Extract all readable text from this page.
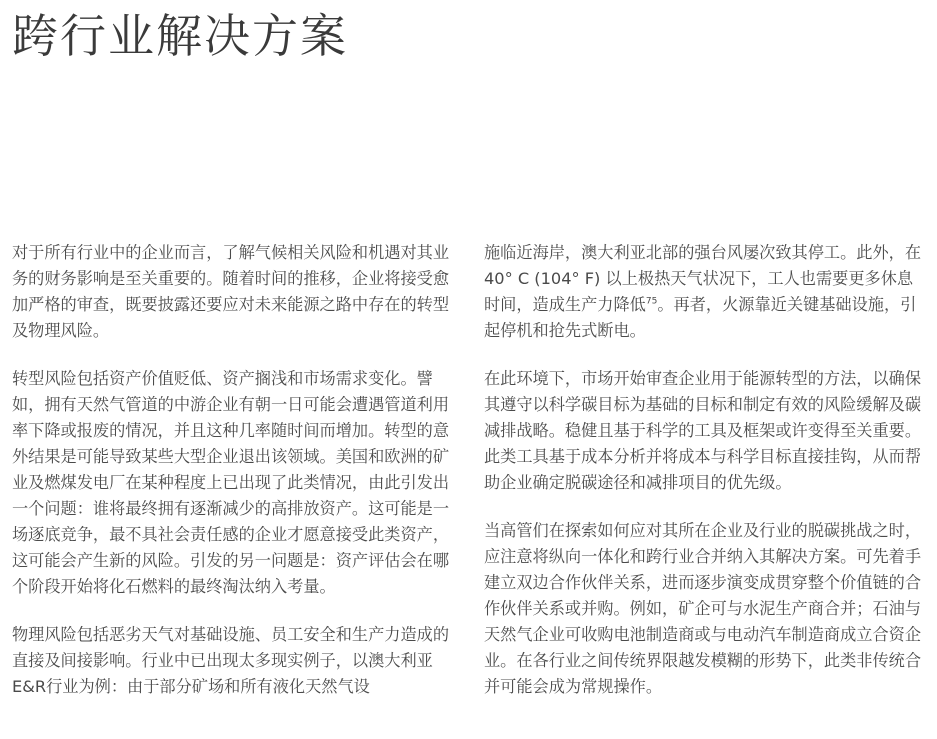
跨行业解决方案

对于所有行业中的企业而言，了解气候相关风险和机遇对其业务的财务影响是至关重要的。随着时间的推移，企业将接受愈加严格的审查，既要披露还要应对未来能源之路中存在的转型及物理风险。

转型风险包括资产价值贬低、资产搁浅和市场需求变化。譬如，拥有天然气管道的中游企业有朝一日可能会遭遇管道利用率下降或报废的情况，并且这种几率随时间而增加。转型的意外结果是可能导致某些大型企业退出该领域。美国和欧洲的矿业及燃煤发电厂在某种程度上已出现了此类情况，由此引发出一个问题：谁将最终拥有逐渐减少的高排放资产。这可能是一场逐底竞争，最不具社会责任感的企业才愿意接受此类资产，这可能会产生新的风险。引发的另一问题是：资产评估会在哪个阶段开始将化石燃料的最终淘汰纳入考量。

物理风险包括恶劣天气对基础设施、员工安全和生产力造成的直接及间接影响。行业中已出现太多现实例子，以澳大利亚E&R行业为例：由于部分矿场和所有液化天然气设

施临近海岸，澳大利亚北部的强台风屡次致其停工。此外，在40° C (104° F) 以上极热天气状况下，工人也需要更多休息时间，造成生产力降低$^{75}$。再者，火源靠近关键基础设施，引起停机和抢先式断电。

在此环境下，市场开始审查企业用于能源转型的方法，以确保其遵守以科学碳目标为基础的目标和制定有效的风险缓解及碳减排战略。稳健且基于科学的工具及框架或许变得至关重要。此类工具基于成本分析并将成本与科学目标直接挂钩，从而帮助企业确定脱碳途径和减排项目的优先级。

当高管们在探索如何应对其所在企业及行业的脱碳挑战之时，应注意将纵向一体化和跨行业合并纳入其解决方案。可先着手建立双边合作伙伴关系，进而逐步演变成贯穿整个价值链的合作伙伴关系或并购。例如，矿企可与水泥生产商合并；石油与天然气企业可收购电池制造商或与电动汽车制造商成立合资企业。在各行业之间传统界限越发模糊的形势下，此类非传统合并可能会成为常规操作。
